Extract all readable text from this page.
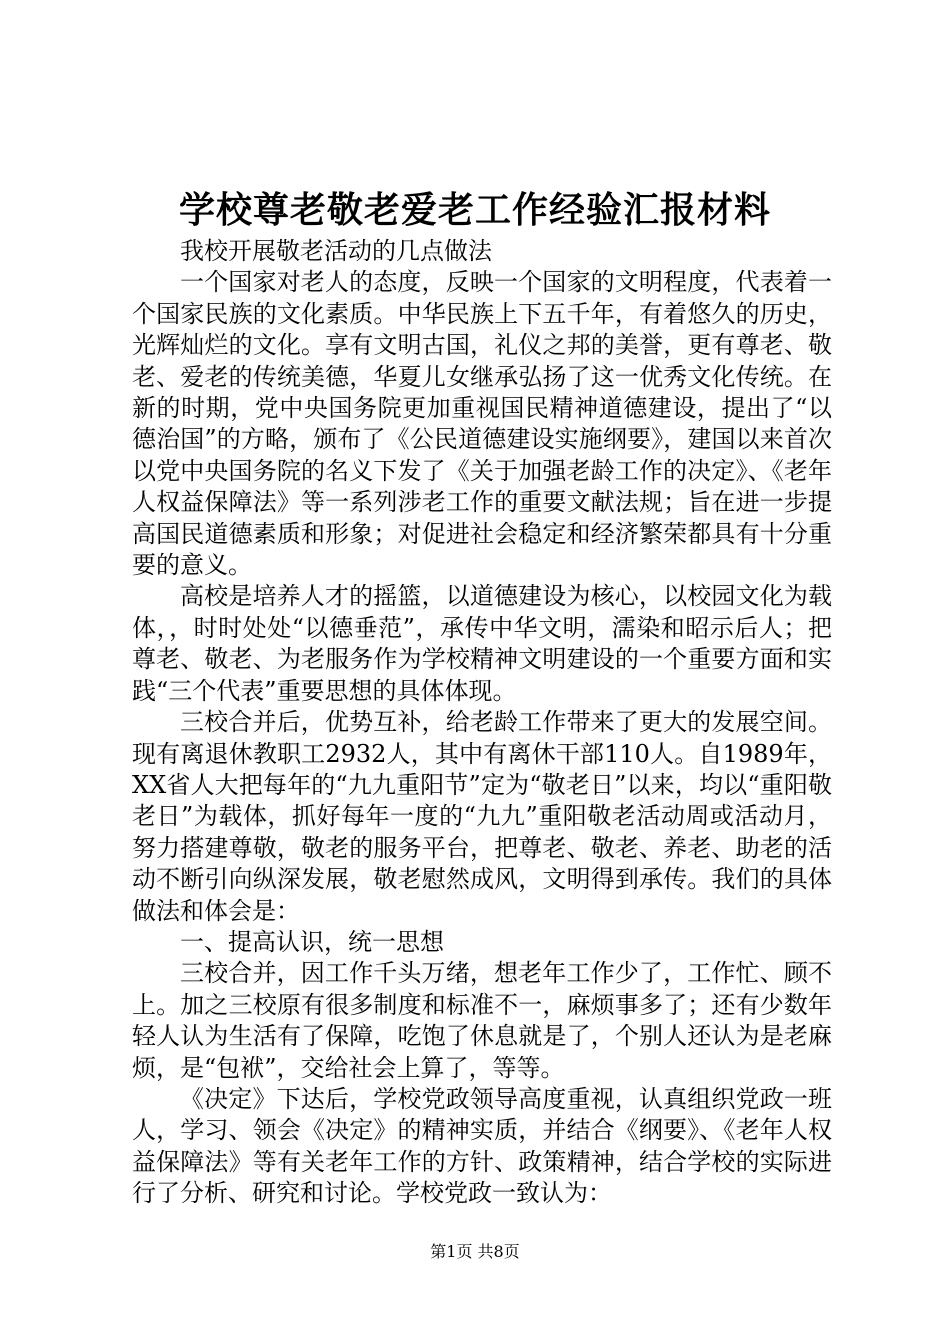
学校尊老敬老爱老工作经验汇报材料

我校开展敬老活动的几点做法

一个国家对老人的态度，反映一个国家的文明程度，代表着一个国家民族的文化素质。中华民族上下五千年，有着悠久的历史，光辉灿烂的文化。享有文明古国，礼仪之邦的美誉，更有尊老、敬老、爱老的传统美德，华夏儿女继承弘扬了这一优秀文化传统。在新的时期，党中央国务院更加重视国民精神道德建设，提出了“以德治国”的方略，颁布了《公民道德建设实施纲要》，建国以来首次以党中央国务院的名义下发了《关于加强老龄工作的决定》、《老年人权益保障法》等一系列涉老工作的重要文献法规；旨在进一步提高国民道德素质和形象；对促进社会稳定和经济繁荣都具有十分重要的意义。

高校是培养人才的摇篮，以道德建设为核心，以校园文化为载体，，时时处处“以德垂范”，承传中华文明，濡染和昭示后人；把尊老、敬老、为老服务作为学校精神文明建设的一个重要方面和实践“三个代表”重要思想的具体体现。

三校合并后，优势互补，给老龄工作带来了更大的发展空间。现有离退休教职工2932人，其中有离休干部110人。自1989年，XX省人大把每年的“九九重阳节”定为“敬老日”以来，均以“重阳敬老日”为载体，抓好每年一度的“九九”重阳敬老活动周或活动月，努力搭建尊敬，敬老的服务平台，把尊老、敬老、养老、助老的活动不断引向纵深发展，敬老慰然成风，文明得到承传。我们的具体做法和体会是：

一、提高认识，统一思想

三校合并，因工作千头万绪，想老年工作少了，工作忙、顾不上。加之三校原有很多制度和标准不一，麻烦事多了；还有少数年轻人认为生活有了保障，吃饱了休息就是了，个别人还认为是老麻烦，是“包袱”，交给社会上算了，等等。

《决定》下达后，学校党政领导高度重视，认真组织党政一班人，学习、领会《决定》的精神实质，并结合《纲要》、《老年人权益保障法》等有关老年工作的方针、政策精神，结合学校的实际进行了分析、研究和讨论。学校党政一致认为：

第1页 共8页
